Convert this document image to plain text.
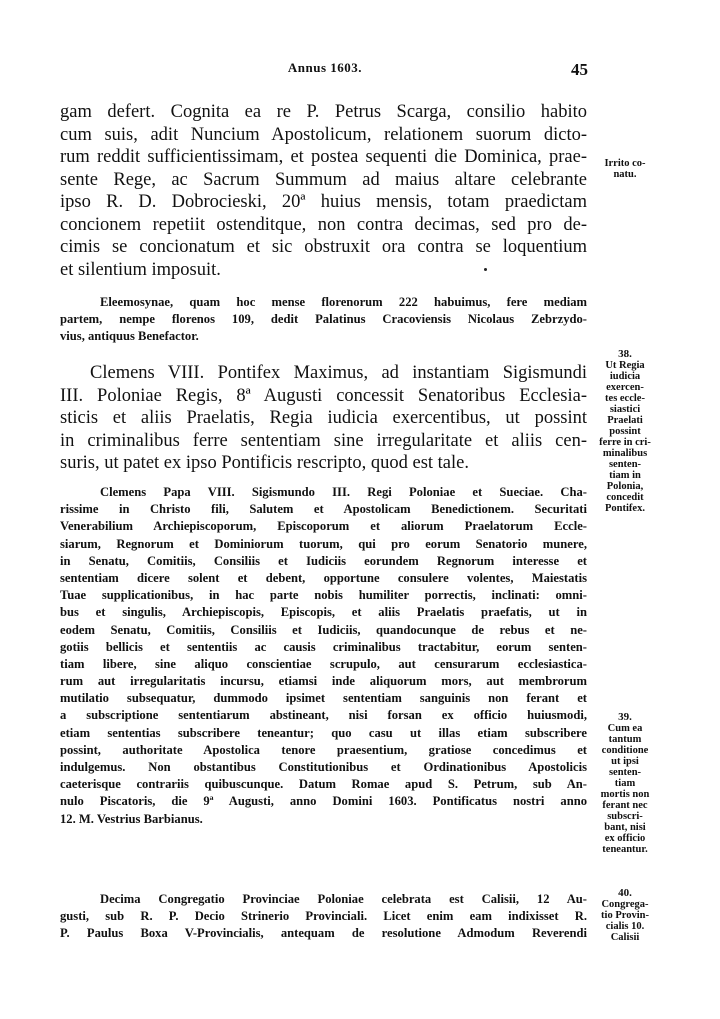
Annus 1603.	45
gam defert. Cognita ea re P. Petrus Scarga, consilio habito
cum suis, adit Nuncium Apostolicum, relationem suorum dicto-
rum reddit sufficientissimam, et postea sequenti die Dominica, prae-
sente Rege, ac Sacrum Summum ad maius altare celebrante
ipso R. D. Dobrocieski, 20ª huius mensis, totam praedictam
concionem repetiit ostenditque, non contra decimas, sed pro de-
cimis se concionatum et sic obstruxit ora contra se loquentium
et silentium imposuit.
Eleemosynae, quam hoc mense florenorum 222 habuimus, fere mediam
partem, nempe florenos 109, dedit Palatinus Cracoviensis Nicolaus Zebrzydo-
vius, antiquus Benefactor.
Clemens VIII. Pontifex Maximus, ad instantiam Sigismundi
III. Poloniae Regis, 8ª Augusti concessit Senatoribus Ecclesia-
sticis et aliis Praelatis, Regia iudicia exercentibus, ut possint
in criminalibus ferre sententiam sine irregularitate et aliis cen-
suris, ut patet ex ipso Pontificis rescripto, quod est tale.
Clemens Papa VIII. Sigismundo III. Regi Poloniae et Sueciae. Cha-
rissime in Christo fili, Salutem et Apostolicam Benedictionem. Securitati
Venerabilium Archiepiscoporum, Episcoporum et aliorum Praelatorum Eccle-
siarum, Regnorum et Dominiorum tuorum, qui pro eorum Senatorio munere,
in Senatu, Comitiis, Consiliis et Iudiciis eorundem Regnorum interesse et
sententiam dicere solent et debent, opportune consulere volentes, Maiestatis
Tuae supplicationibus, in hac parte nobis humiliter porrectis, inclinati: omni-
bus et singulis, Archiepiscopis, Episcopis, et aliis Praelatis praefatis, ut in
eodem Senatu, Comitiis, Consiliis et Iudiciis, quandocunque de rebus et ne-
gotiis bellicis et sententiis ac causis criminalibus tractabitur, eorum senten-
tiam libere, sine aliquo conscientiae scrupulo, aut censurarum ecclesiastica-
rum aut irregularitatis incursu, etiamsi inde aliquorum mors, aut membrorum
mutilatio subsequatur, dummodo ipsimet sententiam sanguinis non ferant et
a subscriptione sententiarum abstineant, nisi forsan ex officio huiusmodi,
etiam sententias subscribere teneantur; quo casu ut illas etiam subscribere
possint, authoritate Apostolica tenore praesentium, gratiose concedimus et
indulgemus. Non obstantibus Constitutionibus et Ordinationibus Apostolicis
caeterisque contrariis quibuscunque. Datum Romae apud S. Petrum, sub An-
nulo Piscatoris, die 9ª Augusti, anno Domini 1603. Pontificatus nostri anno
12. M. Vestrius Barbianus.
Decima Congregatio Provinciae Poloniae celebrata est Calisii, 12 Au-
gusti, sub R. P. Decio Strinerio Provinciali. Licet enim eam indixisset R.
P. Paulus Boxa V-Provincialis, antequam de resolutione Admodum Reverendi
Irrito co-
natu.
38.
Ut Regia
iudicia
exercen-
tes eccle-
siastici
Praelati
possint
ferre in cri-
minalibus
senten-
tiam in
Polonia,
concedit
Pontifex.
39.
Cum ea
tantum
conditione
ut ipsi
senten-
tiam
mortis non
ferant nec
subscri-
bant, nisi
ex officio
teneantur.
40.
Congrega-
tio Provin-
cialis 10.
Calisii
